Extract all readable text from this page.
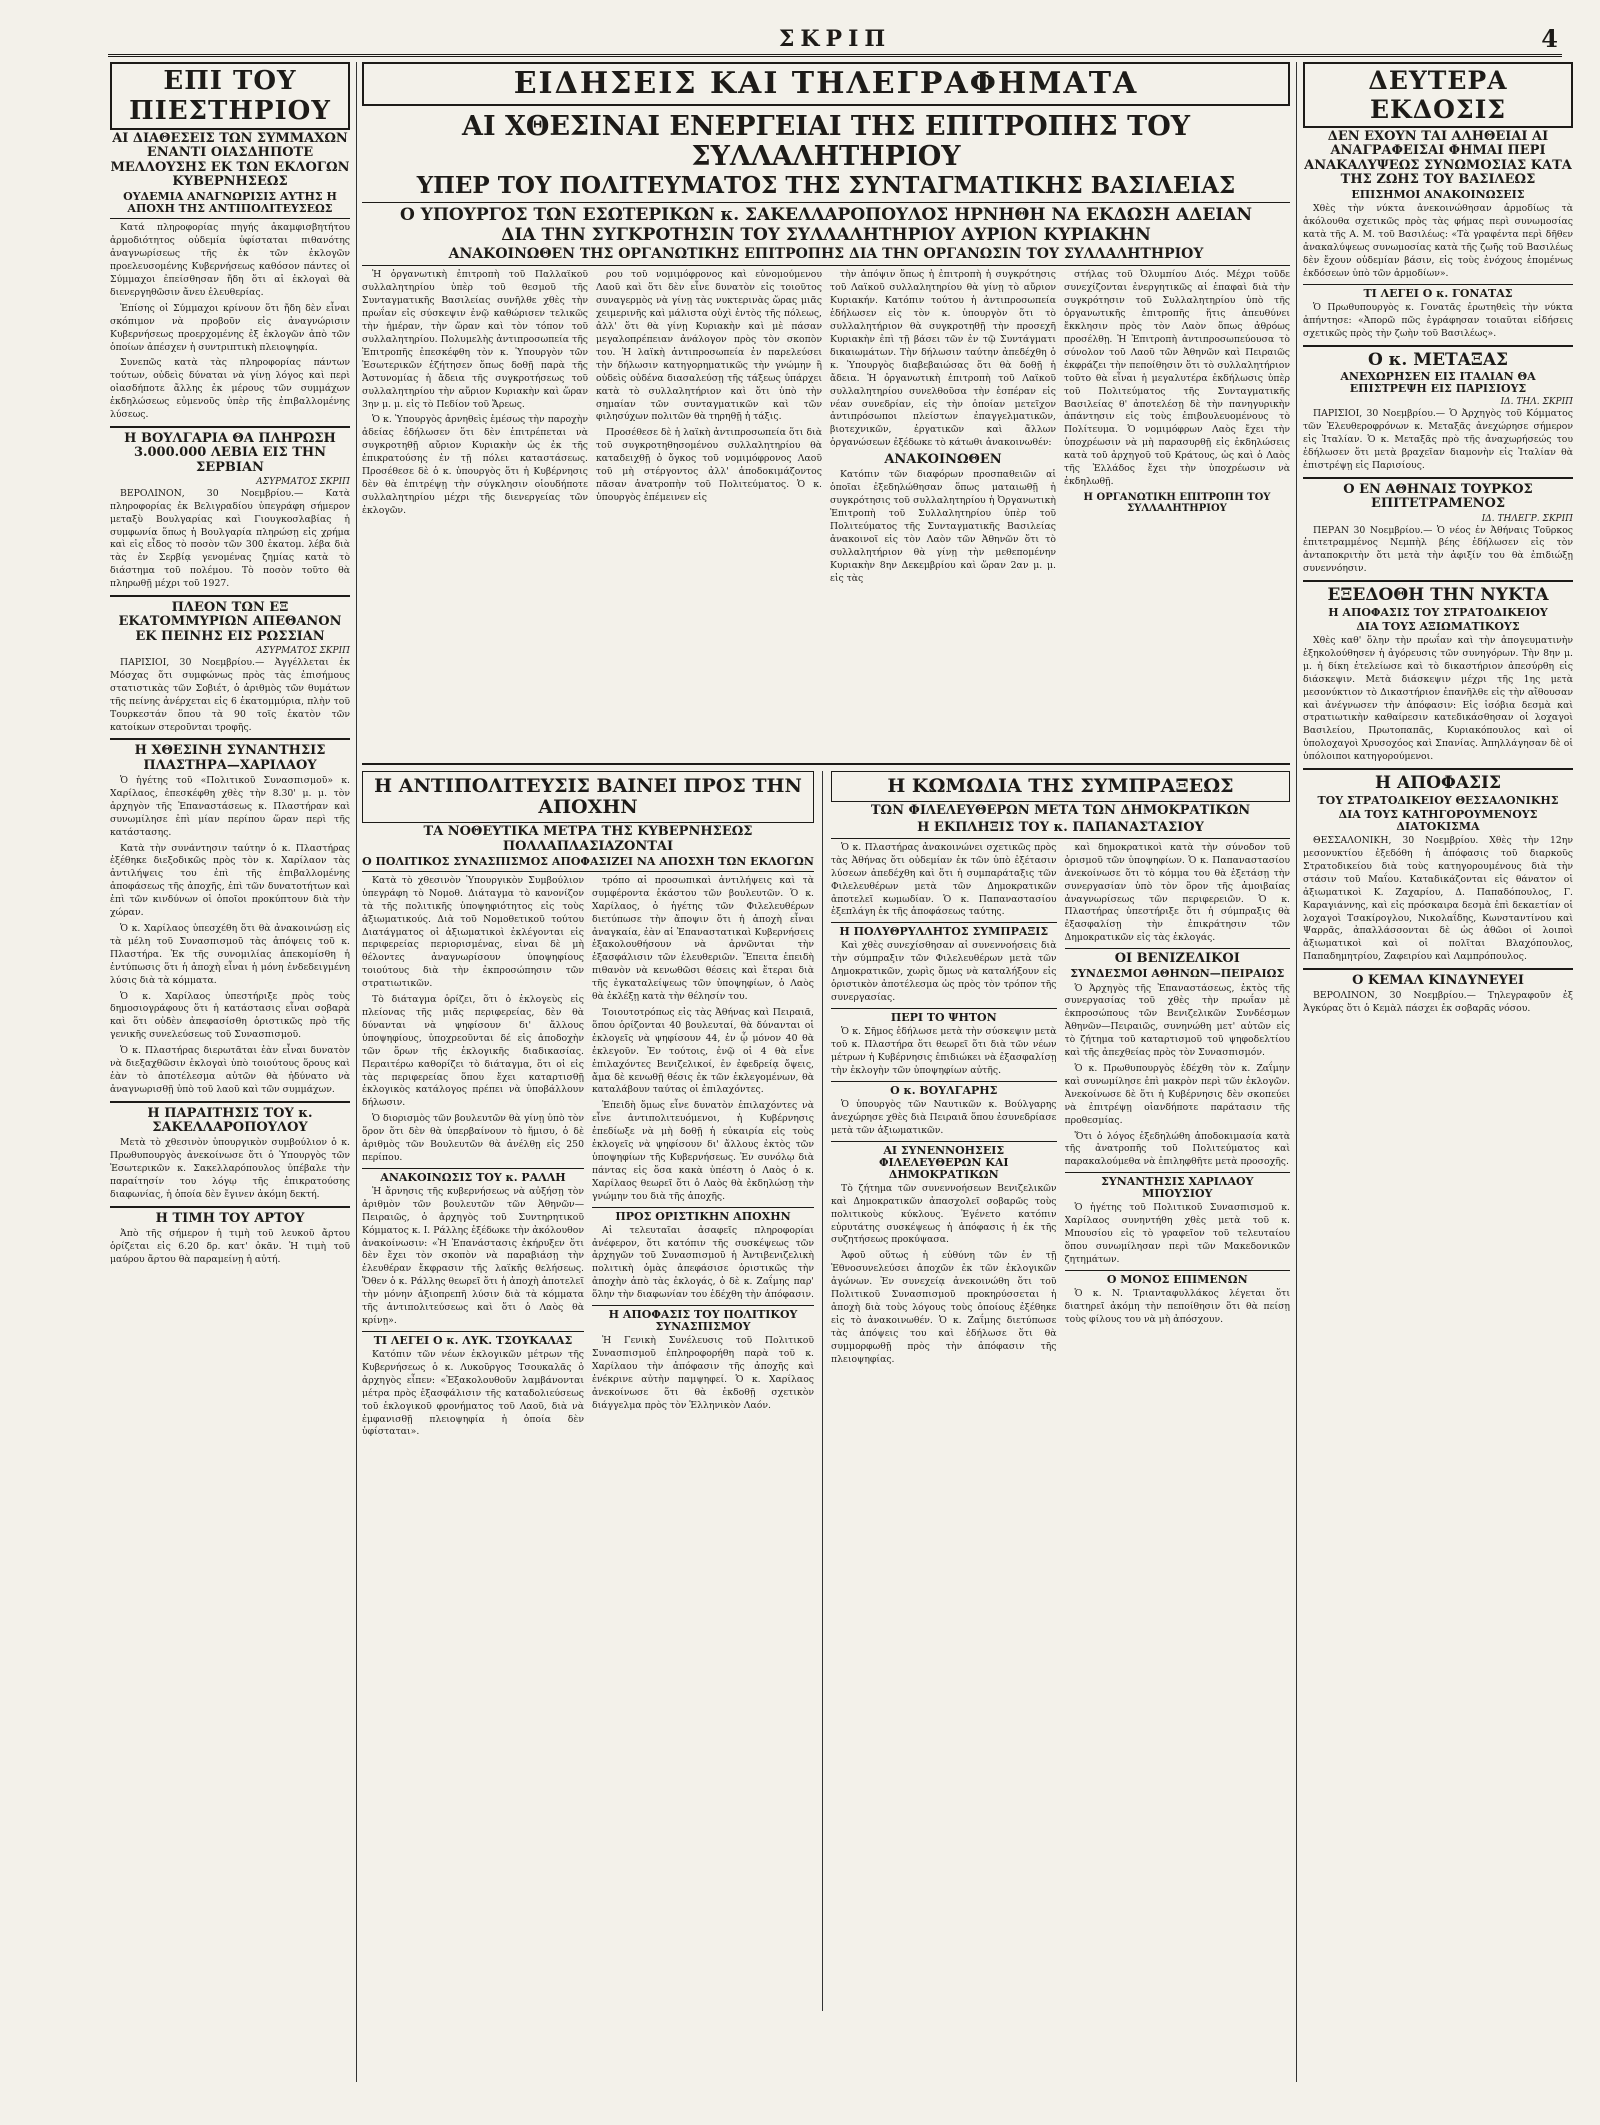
ΣΚΡΙΠ	4
ΕΠΙ ΤΟΥ ΠΙΕΣΤΗΡΙΟΥ
ΑΙ ΔΙΑΘΕΣΕΙΣ ΤΩΝ ΣΥΜΜΑΧΩΝ ΕΝΑΝΤΙ ΟΙΑΣΔΗΠΟΤΕ ΜΕΛΛΟΥΣΗΣ ΕΚ ΤΩΝ ΕΚΛΟΓΩΝ ΚΥΒΕΡΝΗΣΕΩΣ
ΟΥΔΕΜΙΑ ΑΝΑΓΝΩΡΙΣΙΣ ΑΥΤΗΣ Η ΑΠΟΧΗ ΤΗΣ ΑΝΤΙΠΟΛΙΤΕΥΣΕΩΣ

Κατά πληροφορίας πηγής ἀκαμφισβητήτου ἀρμοδιότητος οὐδεμία ὑφίσταται πιθανότης ἀναγνωρίσεως τῆς ἐκ τῶν ἐκλογῶν προελευσομένης Κυβερνήσεως καθόσον πάντες οἱ Σύμμαχοι ἐπείσθησαν ἤδη ὅτι αἱ ἐκλογαὶ θὰ διενεργηθῶσιν ἄνευ ἐλευθερίας.

Ἐπίσης οἱ Σύμμαχοι κρίνουν ὅτι ἤδη δὲν εἶναι σκόπιμον νὰ προβοῦν εἰς ἀναγνώρισιν Κυβερνήσεως προερχομένης ἐξ ἐκλογῶν ἀπὸ τῶν ὁποίων ἀπέσχεν ἡ συντριπτικὴ πλειοψηφία.

Συνεπῶς κατὰ τὰς πληροφορίας πάντων τούτων, οὐδεὶς δύναται νὰ γίνῃ λόγος καὶ περὶ οἰασδήποτε ἄλλης ἐκ μέρους τῶν συμμάχων ἐκδηλώσεως εὐμενοῦς ὑπὲρ τῆς ἐπιβαλλομένης λύσεως.

Η ΒΟΥΛΓΑΡΙΑ ΘΑ ΠΛΗΡΩΣΗ 3.000.000 ΛΕΒΙΑ ΕΙΣ ΤΗΝ ΣΕΡΒΙΑΝ
ΑΣΥΡΜΑΤΟΣ ΣΚΡΙΠ

ΒΕΡΟΛΙΝΟΝ, 30 Νοεμβρίου.— Κατὰ πληροφορίας ἐκ Βελιγραδίου ὑπεγράφη σήμερον μεταξὺ Βουλγαρίας καὶ Γιουγκοσλαβίας ἡ συμφωνία ὅπως ἡ Βουλγαρία πληρώσῃ εἰς χρήμα καὶ εἰς εἶδος τὸ ποσὸν τῶν 300 ἑκατομ. λέβα διὰ τὰς ἐν Σερβίᾳ γενομένας ζημίας κατὰ τὸ διάστημα τοῦ πολέμου. Τὸ ποσὸν τοῦτο θὰ πληρωθῇ μέχρι τοῦ 1927.

ΠΛΕΟΝ ΤΩΝ ΕΞ ΕΚΑΤΟΜΜΥΡΙΩΝ ΑΠΕΘΑΝΟΝ ΕΚ ΠΕΙΝΗΣ ΕΙΣ ΡΩΣΣΙΑΝ
ΑΣΥΡΜΑΤΟΣ ΣΚΡΙΠ

ΠΑΡΙΣΙΟΙ, 30 Νοεμβρίου.— Ἀγγέλλεται ἐκ Μόσχας ὅτι συμφώνως πρὸς τὰς ἐπισήμους στατιστικὰς τῶν Σοβιέτ, ὁ ἀριθμὸς τῶν θυμάτων τῆς πείνης ἀνέρχεται εἰς 6 ἑκατομμύρια, πλὴν τοῦ Τουρκεστάν ὅπου τὰ 90 τοῖς ἑκατὸν τῶν κατοίκων στεροῦνται τροφῆς.

Η ΧΘΕΣΙΝΗ ΣΥΝΑΝΤΗΣΙΣ ΠΛΑΣΤΗΡΑ—ΧΑΡΙΛΑΟΥ

Ὁ ἡγέτης τοῦ «Πολιτικοῦ Συνασπισμοῦ» κ. Χαρίλαος, ἐπεσκέφθη χθὲς τὴν 8.30' μ. μ. τὸν ἀρχηγὸν τῆς Ἐπαναστάσεως κ. Πλαστήραν καὶ συνωμίλησε ἐπὶ μίαν περίπου ὥραν περὶ τῆς κατάστασης.

Κατὰ τὴν συνάντησιν ταύτην ὁ κ. Πλαστήρας ἐξέθηκε διεξοδικῶς πρὸς τὸν κ. Χαρίλαον τὰς ἀντιλήψεις του ἐπὶ τῆς ἐπιβαλλομένης ἀποφάσεως τῆς ἀποχῆς, ἐπὶ τῶν δυνατοτήτων καὶ ἐπὶ τῶν κινδύνων οἱ ὁποῖοι προκύπτουν διὰ τὴν χώραν.

Ὁ κ. Χαρίλαος ὑπεσχέθη ὅτι θὰ ἀνακοινώσῃ εἰς τὰ μέλη τοῦ Συνασπισμοῦ τὰς ἀπόψεις τοῦ κ. Πλαστήρα. Ἐκ τῆς συνομιλίας ἀπεκομίσθη ἡ ἐντύπωσις ὅτι ἡ ἀποχὴ εἶναι ἡ μόνη ἐνδεδειγμένη λύσις διὰ τὰ κόμματα.

Ὁ κ. Χαρίλαος ὑπεστήριξε πρὸς τοὺς δημοσιογράφους ὅτι ἡ κατάστασις εἶναι σοβαρὰ καὶ ὅτι οὐδὲν ἀπεφασίσθη ὁριστικῶς πρὸ τῆς γενικῆς συνελεύσεως τοῦ Συνασπισμοῦ.

Ὁ κ. Πλαστήρας διερωτᾶται ἐὰν εἶναι δυνατὸν νὰ διεξαχθῶσιν ἐκλογαὶ ὑπὸ τοιούτους ὅρους καὶ ἐὰν τὸ ἀποτέλεσμα αὐτῶν θὰ ἠδύνατο νὰ ἀναγνωρισθῇ ὑπὸ τοῦ λαοῦ καὶ τῶν συμμάχων.

Η ΠΑΡΑΙΤΗΣΙΣ ΤΟΥ κ. ΣΑΚΕΛΛΑΡΟΠΟΥΛΟΥ

Μετὰ τὸ χθεσινὸν ὑπουργικὸν συμβούλιον ὁ κ. Πρωθυπουργὸς ἀνεκοίνωσε ὅτι ὁ Ὑπουργὸς τῶν Ἐσωτερικῶν κ. Σακελλαρόπουλος ὑπέβαλε τὴν παραίτησίν του λόγῳ τῆς ἐπικρατούσης διαφωνίας, ἡ ὁποία δὲν ἔγινεν ἀκόμη δεκτή.

Η ΤΙΜΗ ΤΟΥ ΑΡΤΟΥ

Ἀπὸ τῆς σήμερον ἡ τιμὴ τοῦ λευκοῦ ἄρτου ὁρίζεται εἰς 6.20 δρ. κατ' ὀκᾶν. Ἡ τιμὴ τοῦ μαύρου ἄρτου θὰ παραμείνῃ ἡ αὐτή.

ΕΙΔΗΣΕΙΣ ΚΑΙ ΤΗΛΕΓΡΑΦΗΜΑΤΑ
ΑΙ ΧΘΕΣΙΝΑΙ ΕΝΕΡΓΕΙΑΙ ΤΗΣ ΕΠΙΤΡΟΠΗΣ ΤΟΥ ΣΥΛΛΑΛΗΤΗΡΙΟΥ
ΥΠΕΡ ΤΟΥ ΠΟΛΙΤΕΥΜΑΤΟΣ ΤΗΣ ΣΥΝΤΑΓΜΑΤΙΚΗΣ ΒΑΣΙΛΕΙΑΣ
Ο ΥΠΟΥΡΓΟΣ ΤΩΝ ΕΣΩΤΕΡΙΚΩΝ κ. ΣΑΚΕΛΛΑΡΟΠΟΥΛΟΣ ΗΡΝΗΘΗ ΝΑ ΕΚΔΩΣΗ ΑΔΕΙΑΝ
ΔΙΑ ΤΗΝ ΣΥΓΚΡΟΤΗΣΙΝ ΤΟΥ ΣΥΛΛΑΛΗΤΗΡΙΟΥ ΑΥΡΙΟΝ ΚΥΡΙΑΚΗΝ
ΑΝΑΚΟΙΝΩΘΕΝ ΤΗΣ ΟΡΓΑΝΩΤΙΚΗΣ ΕΠΙΤΡΟΠΗΣ ΔΙΑ ΤΗΝ ΟΡΓΑΝΩΣΙΝ ΤΟΥ ΣΥΛΛΑΛΗΤΗΡΙΟΥ

Ἡ ὀργανωτικὴ ἐπιτροπὴ τοῦ Παλλαϊκοῦ συλλαλητηρίου ὑπὲρ τοῦ θεσμοῦ τῆς Συνταγματικῆς Βασιλείας συνῆλθε χθὲς τὴν πρωΐαν εἰς σύσκεψιν ἐνῷ καθώρισεν τελικῶς τὴν ἡμέραν, τὴν ὥραν καὶ τὸν τόπον τοῦ συλλαλητηρίου. Πολυμελὴς ἀντιπροσωπεία τῆς Ἐπιτροπῆς ἐπεσκέφθη τὸν κ. Ὑπουργὸν τῶν Ἐσωτερικῶν ἐζήτησεν ὅπως δοθῇ παρὰ τῆς Ἀστυνομίας ἡ ἄδεια τῆς συγκροτήσεως τοῦ συλλαλητηρίου τὴν αὔριον Κυριακὴν καὶ ὥραν 3ην μ. μ. εἰς τὸ Πεδίον τοῦ Ἄρεως.

Ὁ κ. Ὑπουργὸς ἀρνηθεὶς ἐμέσως τὴν παροχὴν ἀδείας ἐδήλωσεν ὅτι δὲν ἐπιτρέπεται νὰ συγκροτηθῇ αὔριον Κυριακὴν ὡς ἐκ τῆς ἐπικρατούσης ἐν τῇ πόλει καταστάσεως. Προσέθεσε δὲ ὁ κ. ὑπουργὸς ὅτι ἡ Κυβέρνησις δὲν θὰ ἐπιτρέψῃ τὴν σύγκλησιν οἱουδήποτε συλλαλητηρίου μέχρι τῆς διενεργείας τῶν ἐκλογῶν.

ρου τοῦ νομιμόφρονος καὶ εὐνομούμενου Λαοῦ καὶ ὅτι δὲν εἶνε δυνατὸν εἰς τοιοῦτος συναγερμὸς νὰ γίνῃ τὰς νυκτερινὰς ὥρας μιᾶς χειμερινῆς καὶ μάλιστα οὐχὶ ἐντὸς τῆς πόλεως, ἀλλ' ὅτι θὰ γίνῃ Κυριακὴν καὶ μὲ πάσαν μεγαλοπρέπειαν ἀνάλογον πρὸς τὸν σκοπὸν του. Ἡ λαϊκὴ ἀντιπροσωπεία ἐν παρελεύσει τὴν δήλωσιν κατηγορηματικῶς τὴν γνώμην ἢ οὐδεὶς οὐδένα διασαλεύσῃ τῆς τάξεως ὑπάρχει κατὰ τὸ συλλαλητήριον καὶ ὅτι ὑπὸ τὴν σημαίαν τῶν συνταγματικῶν καὶ τῶν φιλησύχων πολιτῶν θὰ τηρηθῇ ἡ τάξις.

Προσέθεσε δὲ ἡ λαϊκὴ ἀντιπροσωπεία ὅτι διὰ τοῦ συγκροτηθησομένου συλλαλητηρίου θὰ καταδειχθῇ ὁ ὄγκος τοῦ νομιμόφρονος Λαοῦ τοῦ μὴ στέργοντος ἀλλ' ἀποδοκιμάζοντος πᾶσαν ἀνατροπὴν τοῦ Πολιτεύματος. Ὁ κ. ὑπουργὸς ἐπέμεινεν εἰς

τὴν ἀπόψιν ὅπως ἡ ἐπιτροπὴ ἡ συγκρότησις τοῦ Λαϊκοῦ συλλαλητηρίου θὰ γίνῃ τὸ αὔριον Κυριακήν. Κατόπιν τούτου ἡ ἀντιπροσωπεία ἐδήλωσεν εἰς τὸν κ. ὑπουργὸν ὅτι τὸ συλλαλητήριον θὰ συγκροτηθῇ τὴν προσεχῆ Κυριακὴν ἐπὶ τῇ βάσει τῶν ἐν τῷ Συντάγματι δικαιωμάτων. Τὴν δήλωσιν ταύτην ἀπεδέχθη ὁ κ. Ὑπουργὸς διαβεβαιώσας ὅτι θὰ δοθῇ ἡ ἄδεια. Ἡ ὀργανωτικὴ ἐπιτροπὴ τοῦ Λαϊκοῦ συλλαλητηρίου συνελθοῦσα τὴν ἑσπέραν εἰς νέαν συνεδρίαν, εἰς τὴν ὁποίαν μετεῖχον ἀντιπρόσωποι πλείστων ἐπαγγελματικῶν, βιοτεχνικῶν, ἐργατικῶν καὶ ἄλλων ὀργανώσεων ἐξέδωκε τὸ κάτωθι ἀνακοινωθέν:

ΑΝΑΚΟΙΝΩΘΕΝ

Κατόπιν τῶν διαφόρων προσπαθειῶν αἱ ὁποῖαι ἐξεδηλώθησαν ὅπως ματαιωθῇ ἡ συγκρότησις τοῦ συλλαλητηρίου ἡ Ὀργανωτικὴ Ἐπιτροπὴ τοῦ Συλλαλητηρίου ὑπὲρ τοῦ Πολιτεύματος τῆς Συνταγματικῆς Βασιλείας ἀνακοινοῖ εἰς τὸν Λαὸν τῶν Ἀθηνῶν ὅτι τὸ συλλαλητήριον θὰ γίνῃ τὴν μεθεπομένην Κυριακὴν 8ην Δεκεμβρίου καὶ ὥραν 2αν μ. μ. εἰς τὰς

στήλας τοῦ Ὀλυμπίου Διός. Μέχρι τοῦδε συνεχίζονται ἐνεργητικῶς αἱ ἐπαφαὶ διὰ τὴν συγκρότησιν τοῦ Συλλαλητηρίου ὑπὸ τῆς ὀργανωτικῆς ἐπιτροπῆς ἥτις ἀπευθύνει ἔκκλησιν πρὸς τὸν Λαὸν ὅπως ἀθρόως προσέλθῃ. Ἡ Ἐπιτροπὴ ἀντιπροσωπεύουσα τὸ σύνολον τοῦ Λαοῦ τῶν Ἀθηνῶν καὶ Πειραιῶς ἐκφράζει τὴν πεποίθησιν ὅτι τὸ συλλαλητήριον τοῦτο θὰ εἶναι ἡ μεγαλυτέρα ἐκδήλωσις ὑπὲρ τοῦ Πολιτεύματος τῆς Συνταγματικῆς Βασιλείας θ' ἀποτελέσῃ δὲ τὴν πανηγυρικὴν ἀπάντησιν εἰς τοὺς ἐπιβουλευομένους τὸ Πολίτευμα. Ὁ νομιμόφρων Λαὸς ἔχει τὴν ὑποχρέωσιν νὰ μὴ παρασυρθῇ εἰς ἐκδηλώσεις κατὰ τοῦ ἀρχηγοῦ τοῦ Κράτους, ὡς καὶ ὁ Λαὸς τῆς Ἑλλάδος ἔχει τὴν ὑποχρέωσιν νὰ ἐκδηλωθῇ.

Η ΟΡΓΑΝΩΤΙΚΗ ΕΠΙΤΡΟΠΗ ΤΟΥ ΣΥΛΛΑΛΗΤΗΡΙΟΥ
Η ΑΝΤΙΠΟΛΙΤΕΥΣΙΣ ΒΑΙΝΕΙ ΠΡΟΣ ΤΗΝ ΑΠΟΧΗΝ
ΤΑ ΝΟΘΕΥΤΙΚΑ ΜΕΤΡΑ ΤΗΣ ΚΥΒΕΡΝΗΣΕΩΣ ΠΟΛΛΑΠΛΑΣΙΑΖΟΝΤΑΙ
Ο ΠΟΛΙΤΙΚΟΣ ΣΥΝΑΣΠΙΣΜΟΣ ΑΠΟΦΑΣΙΖΕΙ ΝΑ ΑΠΟΣΧΗ ΤΩΝ ΕΚΛΟΓΩΝ

Κατὰ τὸ χθεσινὸν Ὑπουργικὸν Συμβούλιον ὑπεγράφη τὸ Νομοθ. Διάταγμα τὸ κανονίζον τὰ τῆς πολιτικῆς ὑποψηφιότητος εἰς τοὺς ἀξιωματικούς. Διὰ τοῦ Νομοθετικοῦ τούτου Διατάγματος οἱ ἀξιωματικοὶ ἐκλέγονται εἰς περιφερείας περιορισμένας, εἰναι δὲ μὴ θέλοντες ἀναγνωρίσουν ὑποψηφίους τοιούτους διὰ τὴν ἐκπροσώπησιν τῶν στρατιωτικῶν.

Τὸ διάταγμα ὁρίζει, ὅτι ὁ ἐκλογεὺς εἰς πλείονας τῆς μιᾶς περιφερείας, δὲν θὰ δύνανται νὰ ψηφίσουν δι' ἄλλους ὑποψηφίους, ὑποχρεοῦνται δέ εἰς ἀποδοχὴν τῶν ὅρων τῆς ἐκλογικῆς διαδικασίας. Περαιτέρω καθορίζει τὸ διάταγμα, ὅτι οἱ εἰς τὰς περιφερείας ὅπου ἔχει καταρτισθῇ ἐκλογικὸς κατάλογος πρέπει νὰ ὑποβάλλουν δήλωσιν.

Ὁ διορισμὸς τῶν βουλευτῶν θὰ γίνῃ ὑπὸ τὸν ὅρον ὅτι δὲν θὰ ὑπερβαίνουν τὸ ἥμισυ, ὁ δὲ ἀριθμὸς τῶν Βουλευτῶν θὰ ἀνέλθῃ εἰς 250 περίπου.

ΑΝΑΚΟΙΝΩΣΙΣ ΤΟΥ κ. ΡΑΛΛΗ

Ἡ ἄρνησις τῆς κυβερνήσεως νὰ αὐξήσῃ τὸν ἀριθμὸν τῶν βουλευτῶν τῶν Ἀθηνῶν—Πειραιῶς, ὁ ἀρχηγὸς τοῦ Συντηρητικοῦ Κόμματος κ. Ι. Ράλλης ἐξέδωκε τὴν ἀκόλουθον ἀνακοίνωσιν: «Ἡ Ἐπανάστασις ἐκήρυξεν ὅτι δὲν ἔχει τὸν σκοπὸν νὰ παραβιάσῃ τὴν ἐλευθέραν ἔκφρασιν τῆς λαϊκῆς θελήσεως. Ὅθεν ὁ κ. Ράλλης θεωρεῖ ὅτι ἡ ἀποχὴ ἀποτελεῖ τὴν μόνην ἀξιοπρεπῆ λύσιν διὰ τὰ κόμματα τῆς ἀντιπολιτεύσεως καὶ ὅτι ὁ Λαὸς θὰ κρίνῃ».

ΤΙ ΛΕΓΕΙ Ο κ. ΛΥΚ. ΤΣΟΥΚΑΛΑΣ

Κατόπιν τῶν νέων ἐκλογικῶν μέτρων τῆς Κυβερνήσεως ὁ κ. Λυκοῦργος Τσουκαλᾶς ὁ ἀρχηγὸς εἶπεν: «Ἐξακολουθοῦν λαμβάνονται μέτρα πρὸς ἐξασφάλισιν τῆς καταδολιεύσεως τοῦ ἐκλογικοῦ φρονήματος τοῦ Λαοῦ, διὰ νὰ ἐμφανισθῇ πλειοψηφία ἡ ὁποία δὲν ὑφίσταται».

τρόπο αἱ προσωπικαὶ ἀντιλήψεις καὶ τὰ συμφέροντα ἑκάστου τῶν βουλευτῶν. Ὁ κ. Χαρίλαος, ὁ ἡγέτης τῶν Φιλελευθέρων διετύπωσε τὴν ἄποψιν ὅτι ἡ ἀποχὴ εἶναι ἀναγκαία, ἐὰν αἱ Ἐπαναστατικαὶ Κυβερνήσεις ἐξακολουθήσουν νὰ ἀρνῶνται τὴν ἐξασφάλισιν τῶν ἐλευθεριῶν. Ἔπειτα ἐπειδὴ πιθανὸν νὰ κενωθῶσι θέσεις καὶ ἕτεραι διὰ τῆς ἐγκαταλείψεως τῶν ὑποψηφίων, ὁ Λαὸς θὰ ἐκλέξῃ κατὰ τὴν θέλησίν του.

Τοιουτοτρόπως εἰς τὰς Ἀθήνας καὶ Πειραιᾶ, ὅπου ὁρίζονται 40 βουλευταί, θὰ δύνανται οἱ ἐκλογεῖς νὰ ψηφίσουν 44, ἐν ᾧ μόνον 40 θὰ ἐκλεγοῦν. Ἐν τούτοις, ἐνῷ οἱ 4 θὰ εἶνε ἐπιλαχόντες Βενιζελικοί, ἐν ἐφεδρείᾳ ὄψεις, ἄμα δὲ κενωθῇ θέσις ἐκ τῶν ἐκλεγομένων, θὰ καταλάβουν ταύτας οἱ ἐπιλαχόντες.

Ἐπειδὴ ὅμως εἶνε δυνατὸν ἐπιλαχόντες νὰ εἶνε ἀντιπολιτευόμενοι, ἡ Κυβέρνησις ἐπεδίωξε νὰ μὴ δοθῇ ἡ εὐκαιρία εἰς τοὺς ἐκλογεῖς νὰ ψηφίσουν δι' ἄλλους ἐκτὸς τῶν ὑποψηφίων τῆς Κυβερνήσεως. Ἐν συνόλῳ διὰ πάντας εἰς ὅσα κακὰ ὑπέστη ὁ Λαὸς ὁ κ. Χαρίλαος θεωρεῖ ὅτι ὁ Λαὸς θὰ ἐκδηλώσῃ τὴν γνώμην του διὰ τῆς ἀποχῆς.

ΠΡΟΣ ΟΡΙΣΤΙΚΗΝ ΑΠΟΧΗΝ

Αἱ τελευταῖαι ἀσαφεῖς πληροφορίαι ἀνέφερον, ὅτι κατόπιν τῆς συσκέψεως τῶν ἀρχηγῶν τοῦ Συνασπισμοῦ ἡ Ἀντιβενιζελικὴ πολιτικὴ ὁμὰς ἀπεφάσισε ὁριστικῶς τὴν ἀποχὴν ἀπὸ τὰς ἐκλογάς, ὁ δὲ κ. Ζαΐμης παρ' ὅλην τὴν διαφωνίαν του ἐδέχθη τὴν ἀπόφασιν.

Η ΑΠΟΦΑΣΙΣ ΤΟΥ ΠΟΛΙΤΙΚΟΥ ΣΥΝΑΣΠΙΣΜΟΥ

Ἡ Γενικὴ Συνέλευσις τοῦ Πολιτικοῦ Συνασπισμοῦ ἐπληροφορήθη παρὰ τοῦ κ. Χαρίλαου τὴν ἀπόφασιν τῆς ἀποχῆς καὶ ἐνέκρινε αὐτὴν παμψηφεί. Ὁ κ. Χαρίλαος ἀνεκοίνωσε ὅτι θὰ ἐκδοθῇ σχετικὸν διάγγελμα πρὸς τὸν Ἑλληνικὸν Λαόν.

Η ΚΩΜΩΔΙΑ ΤΗΣ ΣΥΜΠΡΑΞΕΩΣ
ΤΩΝ ΦΙΛΕΛΕΥΘΕΡΩΝ ΜΕΤΑ ΤΩΝ ΔΗΜΟΚΡΑΤΙΚΩΝ
Η ΕΚΠΛΗΞΙΣ ΤΟΥ κ. ΠΑΠΑΝΑΣΤΑΣΙΟΥ

Ὁ κ. Πλαστήρας ἀνακοινώνει σχετικῶς πρὸς τὰς Ἀθήνας ὅτι οὐδεμίαν ἐκ τῶν ὑπὸ ἐξέτασιν λύσεων ἀπεδέχθη καὶ ὅτι ἡ συμπαράταξις τῶν Φιλελευθέρων μετὰ τῶν Δημοκρατικῶν ἀποτελεῖ κωμωδίαν. Ὁ κ. Παπαναστασίου ἐξεπλάγη ἐκ τῆς ἀποφάσεως ταύτης.

Η ΠΟΛΥΘΡΥΛΛΗΤΟΣ ΣΥΜΠΡΑΞΙΣ

Καὶ χθὲς συνεχίσθησαν αἱ συνεννοήσεις διὰ τὴν σύμπραξιν τῶν Φιλελευθέρων μετὰ τῶν Δημοκρατικῶν, χωρὶς ὅμως νὰ καταλήξουν εἰς ὁριστικὸν ἀποτέλεσμα ὡς πρὸς τὸν τρόπον τῆς συνεργασίας.

ΠΕΡΙ ΤΟ ΨΗΤΟΝ

Ὁ κ. Σῆμος ἐδήλωσε μετὰ τὴν σύσκεψιν μετὰ τοῦ κ. Πλαστήρα ὅτι θεωρεῖ ὅτι διὰ τῶν νέων μέτρων ἡ Κυβέρνησις ἐπιδιώκει νὰ ἐξασφαλίσῃ τὴν ἐκλογὴν τῶν ὑποψηφίων αὐτῆς.

Ο κ. ΒΟΥΛΓΑΡΗΣ

Ὁ ὑπουργὸς τῶν Ναυτικῶν κ. Βούλγαρης ἀνεχώρησε χθὲς διὰ Πειραιᾶ ὅπου ἐσυνεδρίασε μετὰ τῶν ἀξιωματικῶν.

ΑΙ ΣΥΝΕΝΝΟΗΣΕΙΣ ΦΙΛΕΛΕΥΘΕΡΩΝ ΚΑΙ ΔΗΜΟΚΡΑΤΙΚΩΝ

Τὸ ζήτημα τῶν συνεννοήσεων Βενιζελικῶν καὶ Δημοκρατικῶν ἀπασχολεῖ σοβαρῶς τοὺς πολιτικοὺς κύκλους. Ἐγένετο κατόπιν εὐρυτάτης συσκέψεως ἡ ἀπόφασις ἡ ἐκ τῆς συζητήσεως προκύψασα.

Ἀφοῦ οὕτως ἡ εὐθύνη τῶν ἐν τῇ Ἐθνοσυνελεύσει ἀποχῶν ἐκ τῶν ἐκλογικῶν ἀγώνων. Ἐν συνεχείᾳ ἀνεκοινώθη ὅτι τοῦ Πολιτικοῦ Συνασπισμοῦ προκηρύσσεται ἡ ἀποχὴ διὰ τοὺς λόγους τοὺς ὁποίους ἐξέθηκε εἰς τὸ ἀνακοινωθέν. Ὁ κ. Ζαΐμης διετύπωσε τὰς ἀπόψεις του καὶ ἐδήλωσε ὅτι θὰ συμμορφωθῇ πρὸς τὴν ἀπόφασιν τῆς πλειοψηφίας.

καὶ δημοκρατικοὶ κατὰ τὴν σύνοδον τοῦ ὁρισμοῦ τῶν ὑποψηφίων. Ὁ κ. Παπαναστασίου ἀνεκοίνωσε ὅτι τὸ κόμμα του θὰ ἐξετάσῃ τὴν συνεργασίαν ὑπὸ τὸν ὅρον τῆς ἀμοιβαίας ἀναγνωρίσεως τῶν περιφερειῶν. Ὁ κ. Πλαστήρας ὑπεστήριξε ὅτι ἡ σύμπραξις θὰ ἐξασφαλίσῃ τὴν ἐπικράτησιν τῶν Δημοκρατικῶν εἰς τὰς ἐκλογάς.

ΟΙ ΒΕΝΙΖΕΛΙΚΟΙ
ΣΥΝΔΕΣΜΟΙ ΑΘΗΝΩΝ—ΠΕΙΡΑΙΩΣ

Ὁ Ἀρχηγὸς τῆς Ἐπαναστάσεως, ἐκτὸς τῆς συνεργασίας τοῦ χθὲς τὴν πρωΐαν μὲ ἐκπροσώπους τῶν Βενιζελικῶν Συνδέσμων Ἀθηνῶν—Πειραιῶς, συνηνώθη μετ' αὐτῶν εἰς τὸ ζήτημα τοῦ καταρτισμοῦ τοῦ ψηφοδελτίου καὶ τῆς ἀπεχθείας πρὸς τὸν Συνασπισμόν.

Ὁ κ. Πρωθυπουργὸς ἐδέχθη τὸν κ. Ζαΐμην καὶ συνωμίλησε ἐπὶ μακρὸν περὶ τῶν ἐκλογῶν. Ἀνεκοίνωσε δὲ ὅτι ἡ Κυβέρνησις δὲν σκοπεύει νὰ ἐπιτρέψῃ οἱανδήποτε παράτασιν τῆς προθεσμίας.

Ὅτι ὁ λόγος ἐξεδηλώθη ἀποδοκιμασία κατὰ τῆς ἀνατροπῆς τοῦ Πολιτεύματος καὶ παρακαλούμεθα νὰ ἐπιληφθῆτε μετὰ προσοχῆς.

ΣΥΝΑΝΤΗΣΙΣ ΧΑΡΙΛΑΟΥ ΜΠΟΥΣΙΟΥ

Ὁ ἡγέτης τοῦ Πολιτικοῦ Συνασπισμοῦ κ. Χαρίλαος συνηντήθη χθὲς μετὰ τοῦ κ. Μπουσίου εἰς τὸ γραφεῖον τοῦ τελευταίου ὅπου συνωμίλησαν περὶ τῶν Μακεδονικῶν ζητημάτων.

Ο ΜΟΝΟΣ ΕΠΙΜΕΝΩΝ

Ὁ κ. Ν. Τριανταφυλλάκος λέγεται ὅτι διατηρεῖ ἀκόμη τὴν πεποίθησιν ὅτι θὰ πείσῃ τοὺς φίλους του νὰ μὴ ἀπόσχουν.

ΔΕΥΤΕΡΑ ΕΚΔΟΣΙΣ
ΔΕΝ ΕΧΟΥΝ ΤΑΙ ΑΛΗΘΕΙΑΙ ΑΙ ΑΝΑΓΡΑΦΕΙΣΑΙ ΦΗΜΑΙ ΠΕΡΙ ΑΝΑΚΑΛΥΨΕΩΣ ΣΥΝΩΜΟΣΙΑΣ ΚΑΤΑ ΤΗΣ ΖΩΗΣ ΤΟΥ ΒΑΣΙΛΕΩΣ
ΕΠΙΣΗΜΟΙ ΑΝΑΚΟΙΝΩΣΕΙΣ

Χθὲς τὴν νύκτα ἀνεκοινώθησαν ἀρμοδίως τὰ ἀκόλουθα σχετικῶς πρὸς τὰς φήμας περὶ συνωμοσίας κατὰ τῆς Α. Μ. τοῦ Βασιλέως: «Τὰ γραφέντα περὶ δῆθεν ἀνακαλύψεως συνωμοσίας κατὰ τῆς ζωῆς τοῦ Βασιλέως δὲν ἔχουν οὐδεμίαν βάσιν, εἰς τοὺς ἐνόχους ἑπομένως ἐκδόσεων ὑπὸ τῶν ἀρμοδίων».

ΤΙ ΛΕΓΕΙ Ο κ. ΓΟΝΑΤΑΣ

Ὁ Πρωθυπουργὸς κ. Γονατᾶς ἐρωτηθεὶς τὴν νύκτα ἀπήντησε: «Ἀπορῶ πῶς ἐγράφησαν τοιαῦται εἰδήσεις σχετικῶς πρὸς τὴν ζωὴν τοῦ Βασιλέως».

Ο κ. ΜΕΤΑΞΑΣ
ΑΝΕΧΩΡΗΣΕΝ ΕΙΣ ΙΤΑΛΙΑΝ ΘΑ ΕΠΙΣΤΡΕΨΗ ΕΙΣ ΠΑΡΙΣΙΟΥΣ
ΙΔ. ΤΗΛ. ΣΚΡΙΠ

ΠΑΡΙΣΙΟΙ, 30 Νοεμβρίου.— Ὁ Ἀρχηγὸς τοῦ Κόμματος τῶν Ἐλευθεροφρόνων κ. Μεταξᾶς ἀνεχώρησε σήμερον εἰς Ἰταλίαν. Ὁ κ. Μεταξᾶς πρὸ τῆς ἀναχωρήσεώς του ἐδήλωσεν ὅτι μετὰ βραχεῖαν διαμονὴν εἰς Ἰταλίαν θὰ ἐπιστρέψῃ εἰς Παρισίους.

Ο ΕΝ ΑΘΗΝΑΙΣ ΤΟΥΡΚΟΣ ΕΠΙΤΕΤΡΑΜΕΝΟΣ
ΙΔ. ΤΗΛΕΓΡ. ΣΚΡΙΠ

ΠΕΡΑΝ 30 Νοεμβρίου.— Ὁ νέος ἐν Ἀθήναις Τοῦρκος ἐπιτετραμμένος Νεμπὴλ βέης ἐδήλωσεν εἰς τὸν ἀνταποκριτὴν ὅτι μετὰ τὴν ἀφιξίν του θὰ ἐπιδιώξῃ συνεννόησιν.

ΕΞΕΔΟΘΗ ΤΗΝ ΝΥΚΤΑ
Η ΑΠΟΦΑΣΙΣ ΤΟΥ ΣΤΡΑΤΟΔΙΚΕΙΟΥ
ΔΙΑ ΤΟΥΣ ΑΞΙΩΜΑΤΙΚΟΥΣ

Χθὲς καθ' ὅλην τὴν πρωΐαν καὶ τὴν ἀπογευματινὴν ἐξηκολούθησεν ἡ ἀγόρευσις τῶν συνηγόρων. Τὴν 8ην μ. μ. ἡ δίκη ἐτελείωσε καὶ τὸ δικαστήριον ἀπεσύρθη εἰς διάσκεψιν. Μετὰ διάσκεψιν μέχρι τῆς 1ης μετὰ μεσονύκτιον τὸ Δικαστήριον ἐπανῆλθε εἰς τὴν αἴθουσαν καὶ ἀνέγνωσεν τὴν ἀπόφασιν: Εἰς ἰσόβια δεσμὰ καὶ στρατιωτικὴν καθαίρεσιν κατεδικάσθησαν οἱ λοχαγοὶ Βασιλείου, Πρωτοπαπᾶς, Κυριακόπουλος καὶ οἱ ὑπολοχαγοὶ Χρυσοχόος καὶ Σπανίας. Ἀπηλλάγησαν δὲ οἱ ὑπόλοιποι κατηγορούμενοι.

Η ΑΠΟΦΑΣΙΣ
ΤΟΥ ΣΤΡΑΤΟΔΙΚΕΙΟΥ ΘΕΣΣΑΛΟΝΙΚΗΣ
ΔΙΑ ΤΟΥΣ ΚΑΤΗΓΟΡΟΥΜΕΝΟΥΣ ΔΙΑΤΟΚΙΣΜΑ

ΘΕΣΣΑΛΟΝΙΚΗ, 30 Νοεμβρίου. Χθὲς τὴν 12ην μεσονυκτίου ἐξεδόθη ἡ ἀπόφασις τοῦ διαρκοῦς Στρατοδικείου διὰ τοὺς κατηγορουμένους διὰ τὴν στάσιν τοῦ Μαΐου. Καταδικάζονται εἰς θάνατον οἱ ἀξιωματικοὶ Κ. Ζαχαρίου, Δ. Παπαδόπουλος, Γ. Καραγιάννης, καὶ εἰς πρόσκαιρα δεσμὰ ἐπὶ δεκαετίαν οἱ λοχαγοὶ Τσακίρογλου, Νικολαΐδης, Κωνσταντίνου καὶ Ψαρρᾶς, ἀπαλλάσσονται δὲ ὡς ἀθῶοι οἱ λοιποὶ ἀξιωματικοὶ καὶ οἱ πολῖται Βλαχόπουλος, Παπαδημητρίου, Ζαφειρίου καὶ Λαμπρόπουλος.

Ο ΚΕΜΑΛ ΚΙΝΔΥΝΕΥΕΙ

ΒΕΡΟΛΙΝΟΝ, 30 Νοεμβρίου.— Τηλεγραφοῦν ἐξ Ἀγκύρας ὅτι ὁ Κεμὰλ πάσχει ἐκ σοβαρᾶς νόσου.
